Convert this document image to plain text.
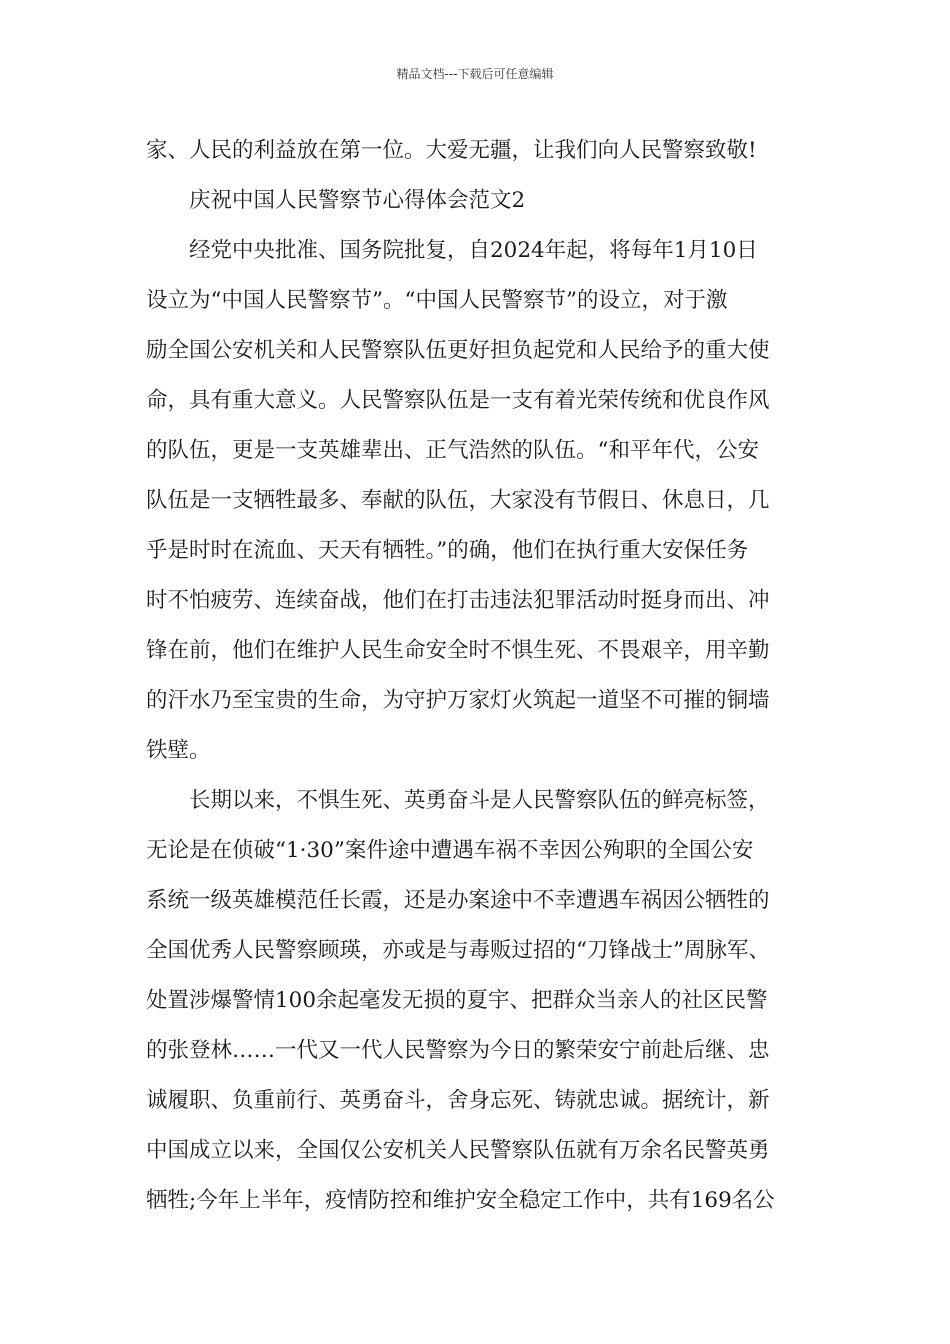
精品文档---下载后可任意编辑
家、人民的利益放在第一位。大爱无疆，让我们向人民警察致敬!
庆祝中国人民警察节心得体会范文2
经党中央批准、国务院批复，自2024年起，将每年1月10日
设立为“中国人民警察节”。“中国人民警察节”的设立，对于激
励全国公安机关和人民警察队伍更好担负起党和人民给予的重大使
命，具有重大意义。人民警察队伍是一支有着光荣传统和优良作风
的队伍，更是一支英雄辈出、正气浩然的队伍。“和平年代，公安
队伍是一支牺牲最多、奉献的队伍，大家没有节假日、休息日，几
乎是时时在流血、天天有牺牲。”的确，他们在执行重大安保任务
时不怕疲劳、连续奋战，他们在打击违法犯罪活动时挺身而出、冲
锋在前，他们在维护人民生命安全时不惧生死、不畏艰辛，用辛勤
的汗水乃至宝贵的生命，为守护万家灯火筑起一道坚不可摧的铜墙
铁壁。
长期以来，不惧生死、英勇奋斗是人民警察队伍的鲜亮标签，
无论是在侦破“1·30”案件途中遭遇车祸不幸因公殉职的全国公安
系统一级英雄模范任长霞，还是办案途中不幸遭遇车祸因公牺牲的
全国优秀人民警察顾瑛，亦或是与毒贩过招的“刀锋战士”周脉军、
处置涉爆警情100余起毫发无损的夏宇、把群众当亲人的社区民警
的张登林……一代又一代人民警察为今日的繁荣安宁前赴后继、忠
诚履职、负重前行、英勇奋斗，舍身忘死、铸就忠诚。据统计，新
中国成立以来，全国仅公安机关人民警察队伍就有万余名民警英勇
牺牲;今年上半年，疫情防控和维护安全稳定工作中，共有169名公
